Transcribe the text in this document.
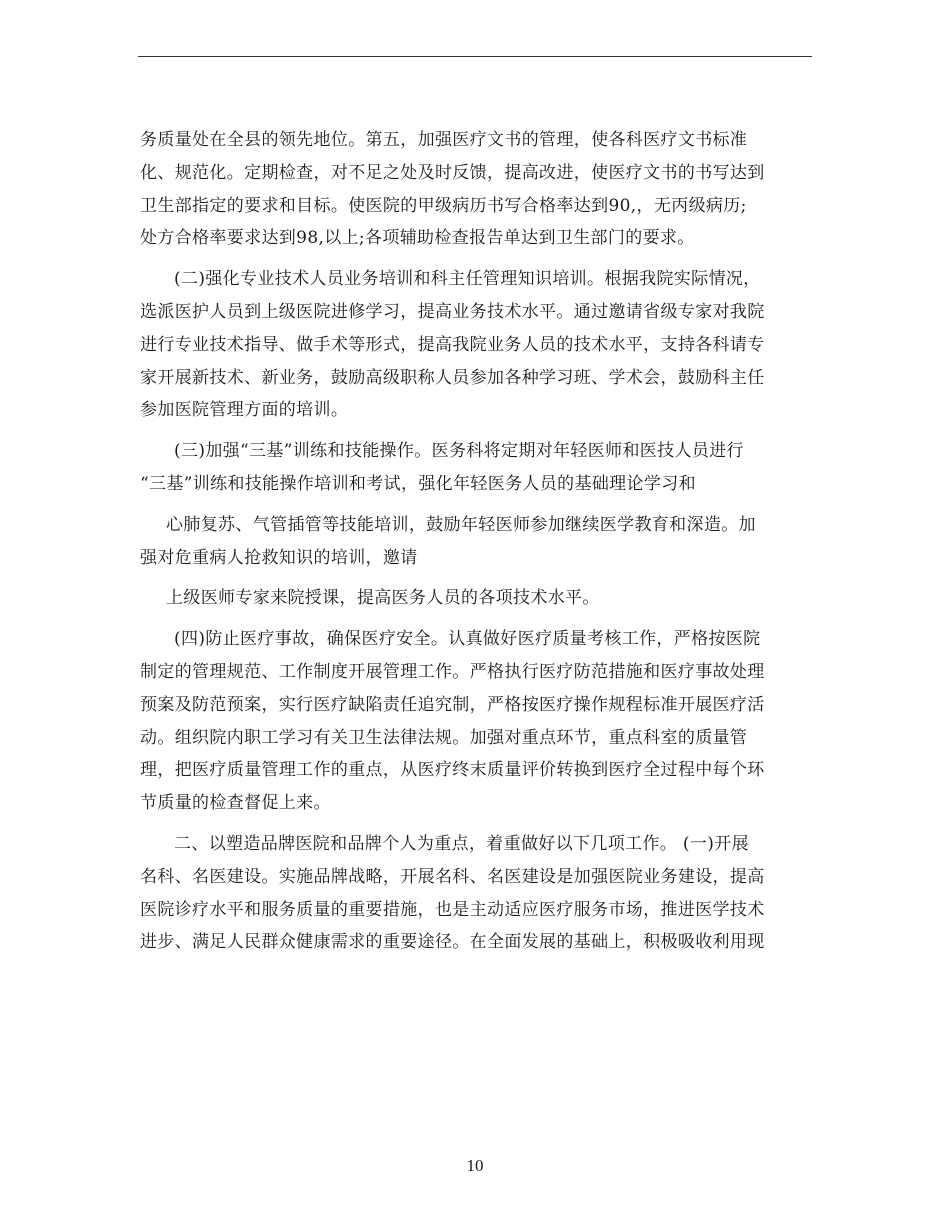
务质量处在全县的领先地位。第五，加强医疗文书的管理，使各科医疗文书标准
化、规范化。定期检查，对不足之处及时反馈，提高改进，使医疗文书的书写达到
卫生部指定的要求和目标。使医院的甲级病历书写合格率达到90,，无丙级病历;
处方合格率要求达到98,以上;各项辅助检查报告单达到卫生部门的要求。
(二)强化专业技术人员业务培训和科主任管理知识培训。根据我院实际情况，
选派医护人员到上级医院进修学习，提高业务技术水平。通过邀请省级专家对我院
进行专业技术指导、做手术等形式，提高我院业务人员的技术水平，支持各科请专
家开展新技术、新业务，鼓励高级职称人员参加各种学习班、学术会，鼓励科主任
参加医院管理方面的培训。
(三)加强“三基”训练和技能操作。医务科将定期对年轻医师和医技人员进行
“三基”训练和技能操作培训和考试，强化年轻医务人员的基础理论学习和
心肺复苏、气管插管等技能培训，鼓励年轻医师参加继续医学教育和深造。加
强对危重病人抢救知识的培训，邀请
上级医师专家来院授课，提高医务人员的各项技术水平。
(四)防止医疗事故，确保医疗安全。认真做好医疗质量考核工作，严格按医院
制定的管理规范、工作制度开展管理工作。严格执行医疗防范措施和医疗事故处理
预案及防范预案，实行医疗缺陷责任追究制，严格按医疗操作规程标准开展医疗活
动。组织院内职工学习有关卫生法律法规。加强对重点环节，重点科室的质量管
理，把医疗质量管理工作的重点，从医疗终末质量评价转换到医疗全过程中每个环
节质量的检查督促上来。
二、以塑造品牌医院和品牌个人为重点，着重做好以下几项工作。 (一)开展
名科、名医建设。实施品牌战略，开展名科、名医建设是加强医院业务建设，提高
医院诊疗水平和服务质量的重要措施，也是主动适应医疗服务市场，推进医学技术
进步、满足人民群众健康需求的重要途径。在全面发展的基础上，积极吸收利用现
10
